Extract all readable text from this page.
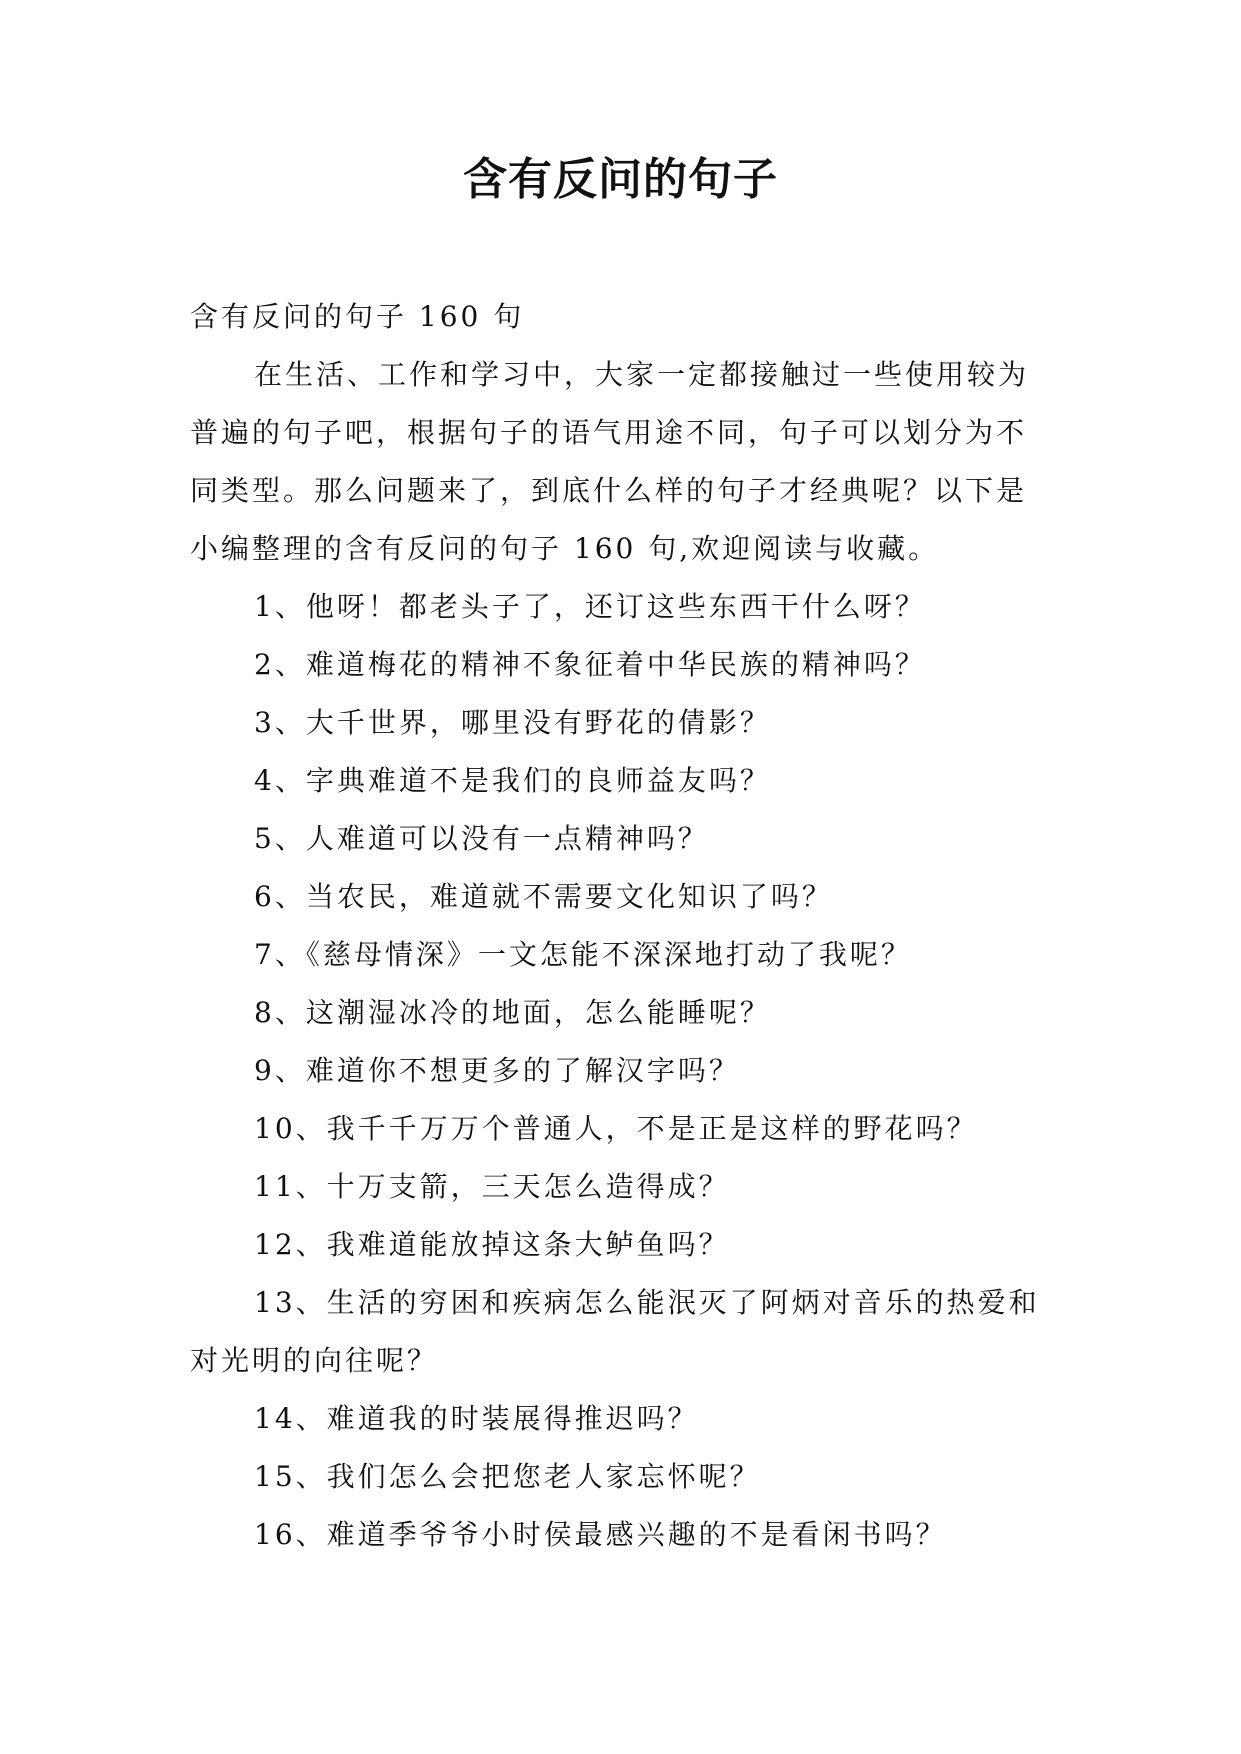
含有反问的句子

含有反问的句子 160 句

在生活、工作和学习中，大家一定都接触过一些使用较为普遍的句子吧，根据句子的语气用途不同，句子可以划分为不同类型。那么问题来了，到底什么样的句子才经典呢？以下是小编整理的含有反问的句子 160 句,欢迎阅读与收藏。

1、他呀！都老头子了，还订这些东西干什么呀？

2、难道梅花的精神不象征着中华民族的精神吗？

3、大千世界，哪里没有野花的倩影？

4、字典难道不是我们的良师益友吗？

5、人难道可以没有一点精神吗？

6、当农民，难道就不需要文化知识了吗？

7、《慈母情深》一文怎能不深深地打动了我呢？

8、这潮湿冰冷的地面，怎么能睡呢？

9、难道你不想更多的了解汉字吗？

10、我千千万万个普通人，不是正是这样的野花吗？

11、十万支箭，三天怎么造得成？

12、我难道能放掉这条大鲈鱼吗？

13、生活的穷困和疾病怎么能泯灭了阿炳对音乐的热爱和对光明的向往呢？

14、难道我的时装展得推迟吗？

15、我们怎么会把您老人家忘怀呢？

16、难道季爷爷小时侯最感兴趣的不是看闲书吗？
